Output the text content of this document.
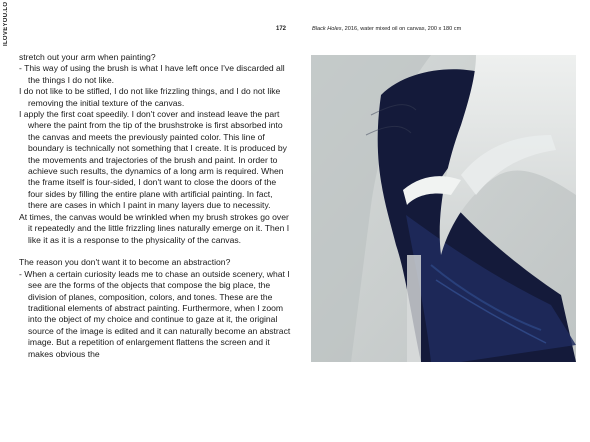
ILOVEYOU.LO	172	Black Holes, 2016, water mixed oil on canvas, 200 x 180 cm

stretch out your arm when painting?

- This way of using the brush is what I have left once I've discarded all the things I do not like.

I do not like to be stifled, I do not like frizzling things, and I do not like removing the initial texture of the canvas.

I apply the first coat speedily. I don't cover and instead leave the part where the paint from the tip of the brushstroke is first absorbed into the canvas and meets the previously painted color. This line of boundary is technically not something that I create. It is produced by the movements and trajectories of the brush and paint. In order to achieve such results, the dynamics of a long arm is required. When the frame itself is four-sided, I don't want to close the doors of the four sides by filling the entire plane with artificial painting. In fact, there are cases in which I paint in many layers due to necessity.

At times, the canvas would be wrinkled when my brush strokes go over it repeatedly and the little frizzling lines naturally emerge on it. Then I like it as it is a response to the physicality of the canvas.

The reason you don't want it to become an abstraction?

- When a certain curiosity leads me to chase an outside scenery, what I see are the forms of the objects that compose the big place, the division of planes, composition, colors, and tones. These are the traditional elements of abstract painting. Furthermore, when I zoom into the object of my choice and continue to gaze at it, the original source of the image is edited and it can naturally become an abstract image. But a repetition of enlargement flattens the screen and it makes obvious the
